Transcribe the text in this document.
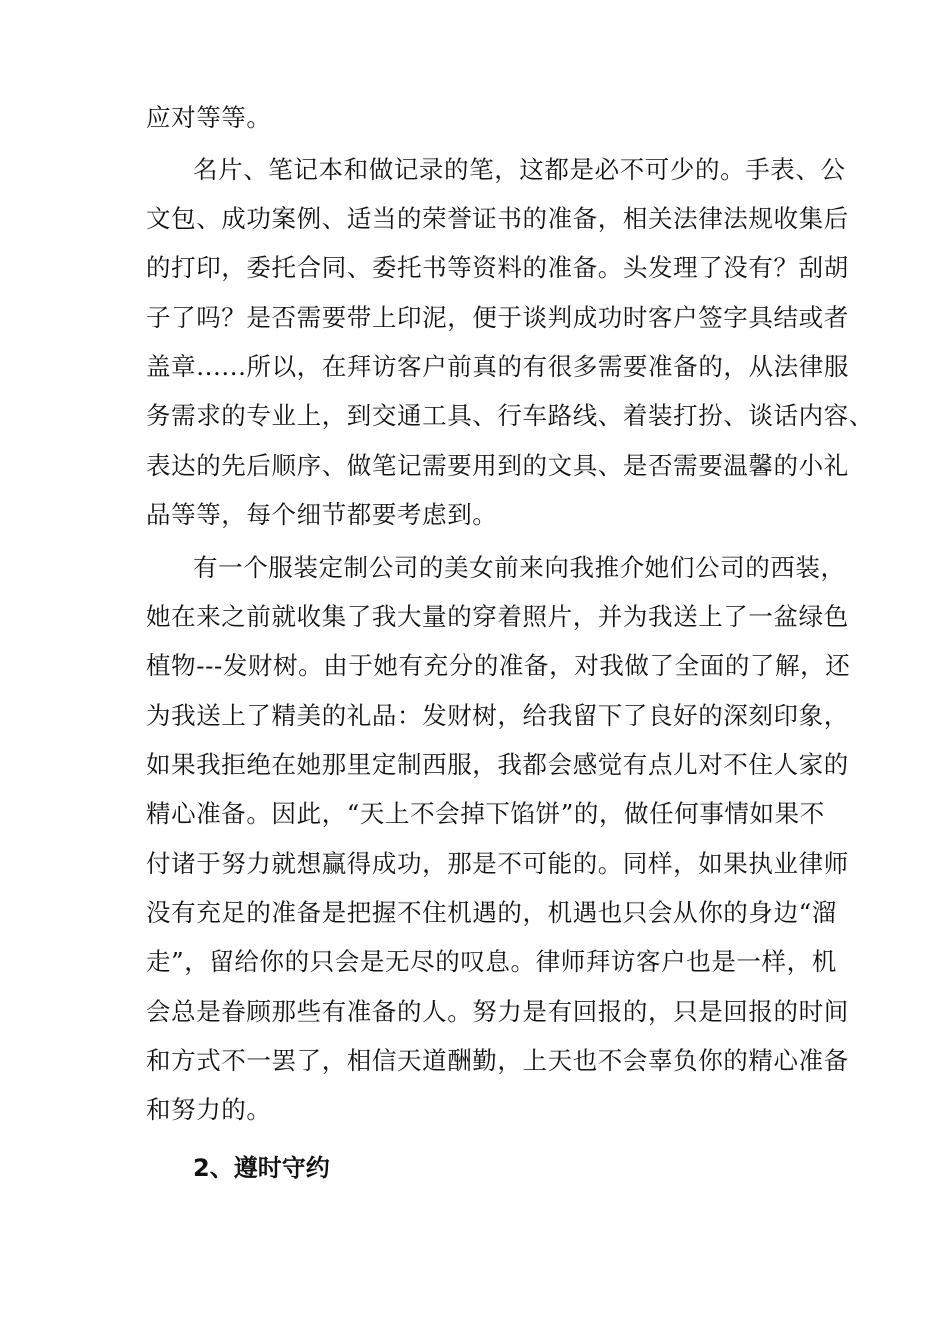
应对等等。
名片、笔记本和做记录的笔，这都是必不可少的。手表、公
文包、成功案例、适当的荣誉证书的准备，相关法律法规收集后
的打印，委托合同、委托书等资料的准备。头发理了没有？刮胡
子了吗？是否需要带上印泥，便于谈判成功时客户签字具结或者
盖章......所以，在拜访客户前真的有很多需要准备的，从法律服
务需求的专业上，到交通工具、行车路线、着装打扮、谈话内容、
表达的先后顺序、做笔记需要用到的文具、是否需要温馨的小礼
品等等，每个细节都要考虑到。
有一个服装定制公司的美女前来向我推介她们公司的西装，
她在来之前就收集了我大量的穿着照片，并为我送上了一盆绿色
植物---发财树。由于她有充分的准备，对我做了全面的了解，还
为我送上了精美的礼品：发财树，给我留下了良好的深刻印象，
如果我拒绝在她那里定制西服，我都会感觉有点儿对不住人家的
精心准备。因此，“天上不会掉下馅饼”的，做任何事情如果不
付诸于努力就想赢得成功，那是不可能的。同样，如果执业律师
没有充足的准备是把握不住机遇的，机遇也只会从你的身边“溜
走”，留给你的只会是无尽的叹息。律师拜访客户也是一样，机
会总是眷顾那些有准备的人。努力是有回报的，只是回报的时间
和方式不一罢了，相信天道酬勤，上天也不会辜负你的精心准备
和努力的。
2、遵时守约
